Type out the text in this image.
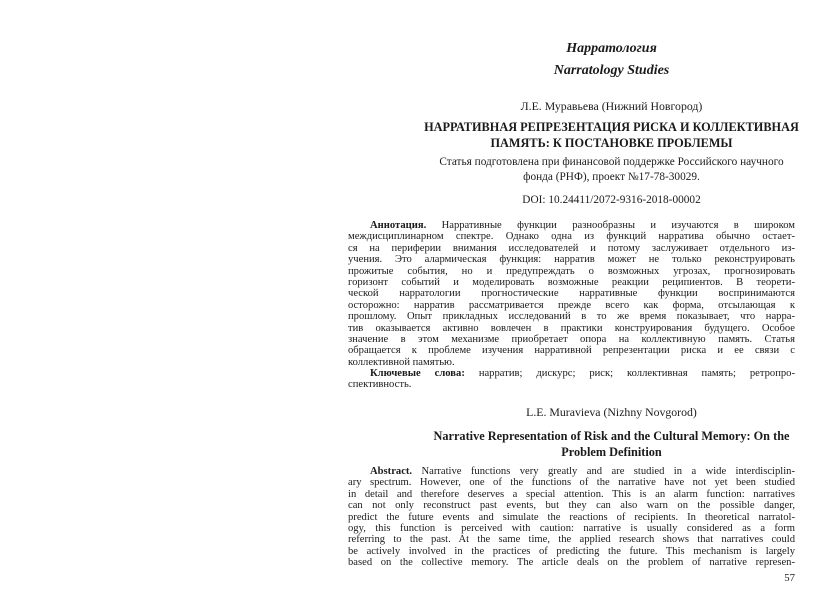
Нарратология
Narratology Studies
Л.Е. Муравьева (Нижний Новгород)
НАРРАТИВНАЯ РЕПРЕЗЕНТАЦИЯ РИСКА И КОЛЛЕКТИВНАЯ
ПАМЯТЬ: К ПОСТАНОВКЕ ПРОБЛЕМЫ
Статья подготовлена при финансовой поддержке Российского научного
фонда (РНФ), проект №17-78-30029.
DOI: 10.24411/2072-9316-2018-00002
Аннотация. Нарративные функции разнообразны и изучаются в широком
междисциплинарном спектре. Однако одна из функций нарратива обычно остает-
ся на периферии внимания исследователей и потому заслуживает отдельного из-
учения. Это алармическая функция: нарратив может не только реконструировать
прожитые события, но и предупреждать о возможных угрозах, прогнозировать
горизонт событий и моделировать возможные реакции реципиентов. В теорети-
ческой нарратологии прогностические нарративные функции воспринимаются
осторожно: нарратив рассматривается прежде всего как форма, отсылающая к
прошлому. Опыт прикладных исследований в то же время показывает, что нарра-
тив оказывается активно вовлечен в практики конструирования будущего. Особое
значение в этом механизме приобретает опора на коллективную память. Статья
обращается к проблеме изучения нарративной репрезентации риска и ее связи с
коллективной памятью.
Ключевые слова: нарратив; дискурс; риск; коллективная память; ретропро-
спективность.
L.E. Muravieva (Nizhny Novgorod)
Narrative Representation of Risk and the Cultural Memory: On the
Problem Definition
Abstract. Narrative functions very greatly and are studied in a wide interdisciplin-
ary spectrum. However, one of the functions of the narrative have not yet been studied
in detail and therefore deserves a special attention. This is an alarm function: narratives
can not only reconstruct past events, but they can also warn on the possible danger,
predict the future events and simulate the reactions of recipients. In theoretical narratol-
ogy, this function is perceived with caution: narrative is usually considered as a form
referring to the past. At the same time, the applied research shows that narratives could
be actively involved in the practices of predicting the future. This mechanism is largely
based on the collective memory. The article deals on the problem of narrative represen-
57
